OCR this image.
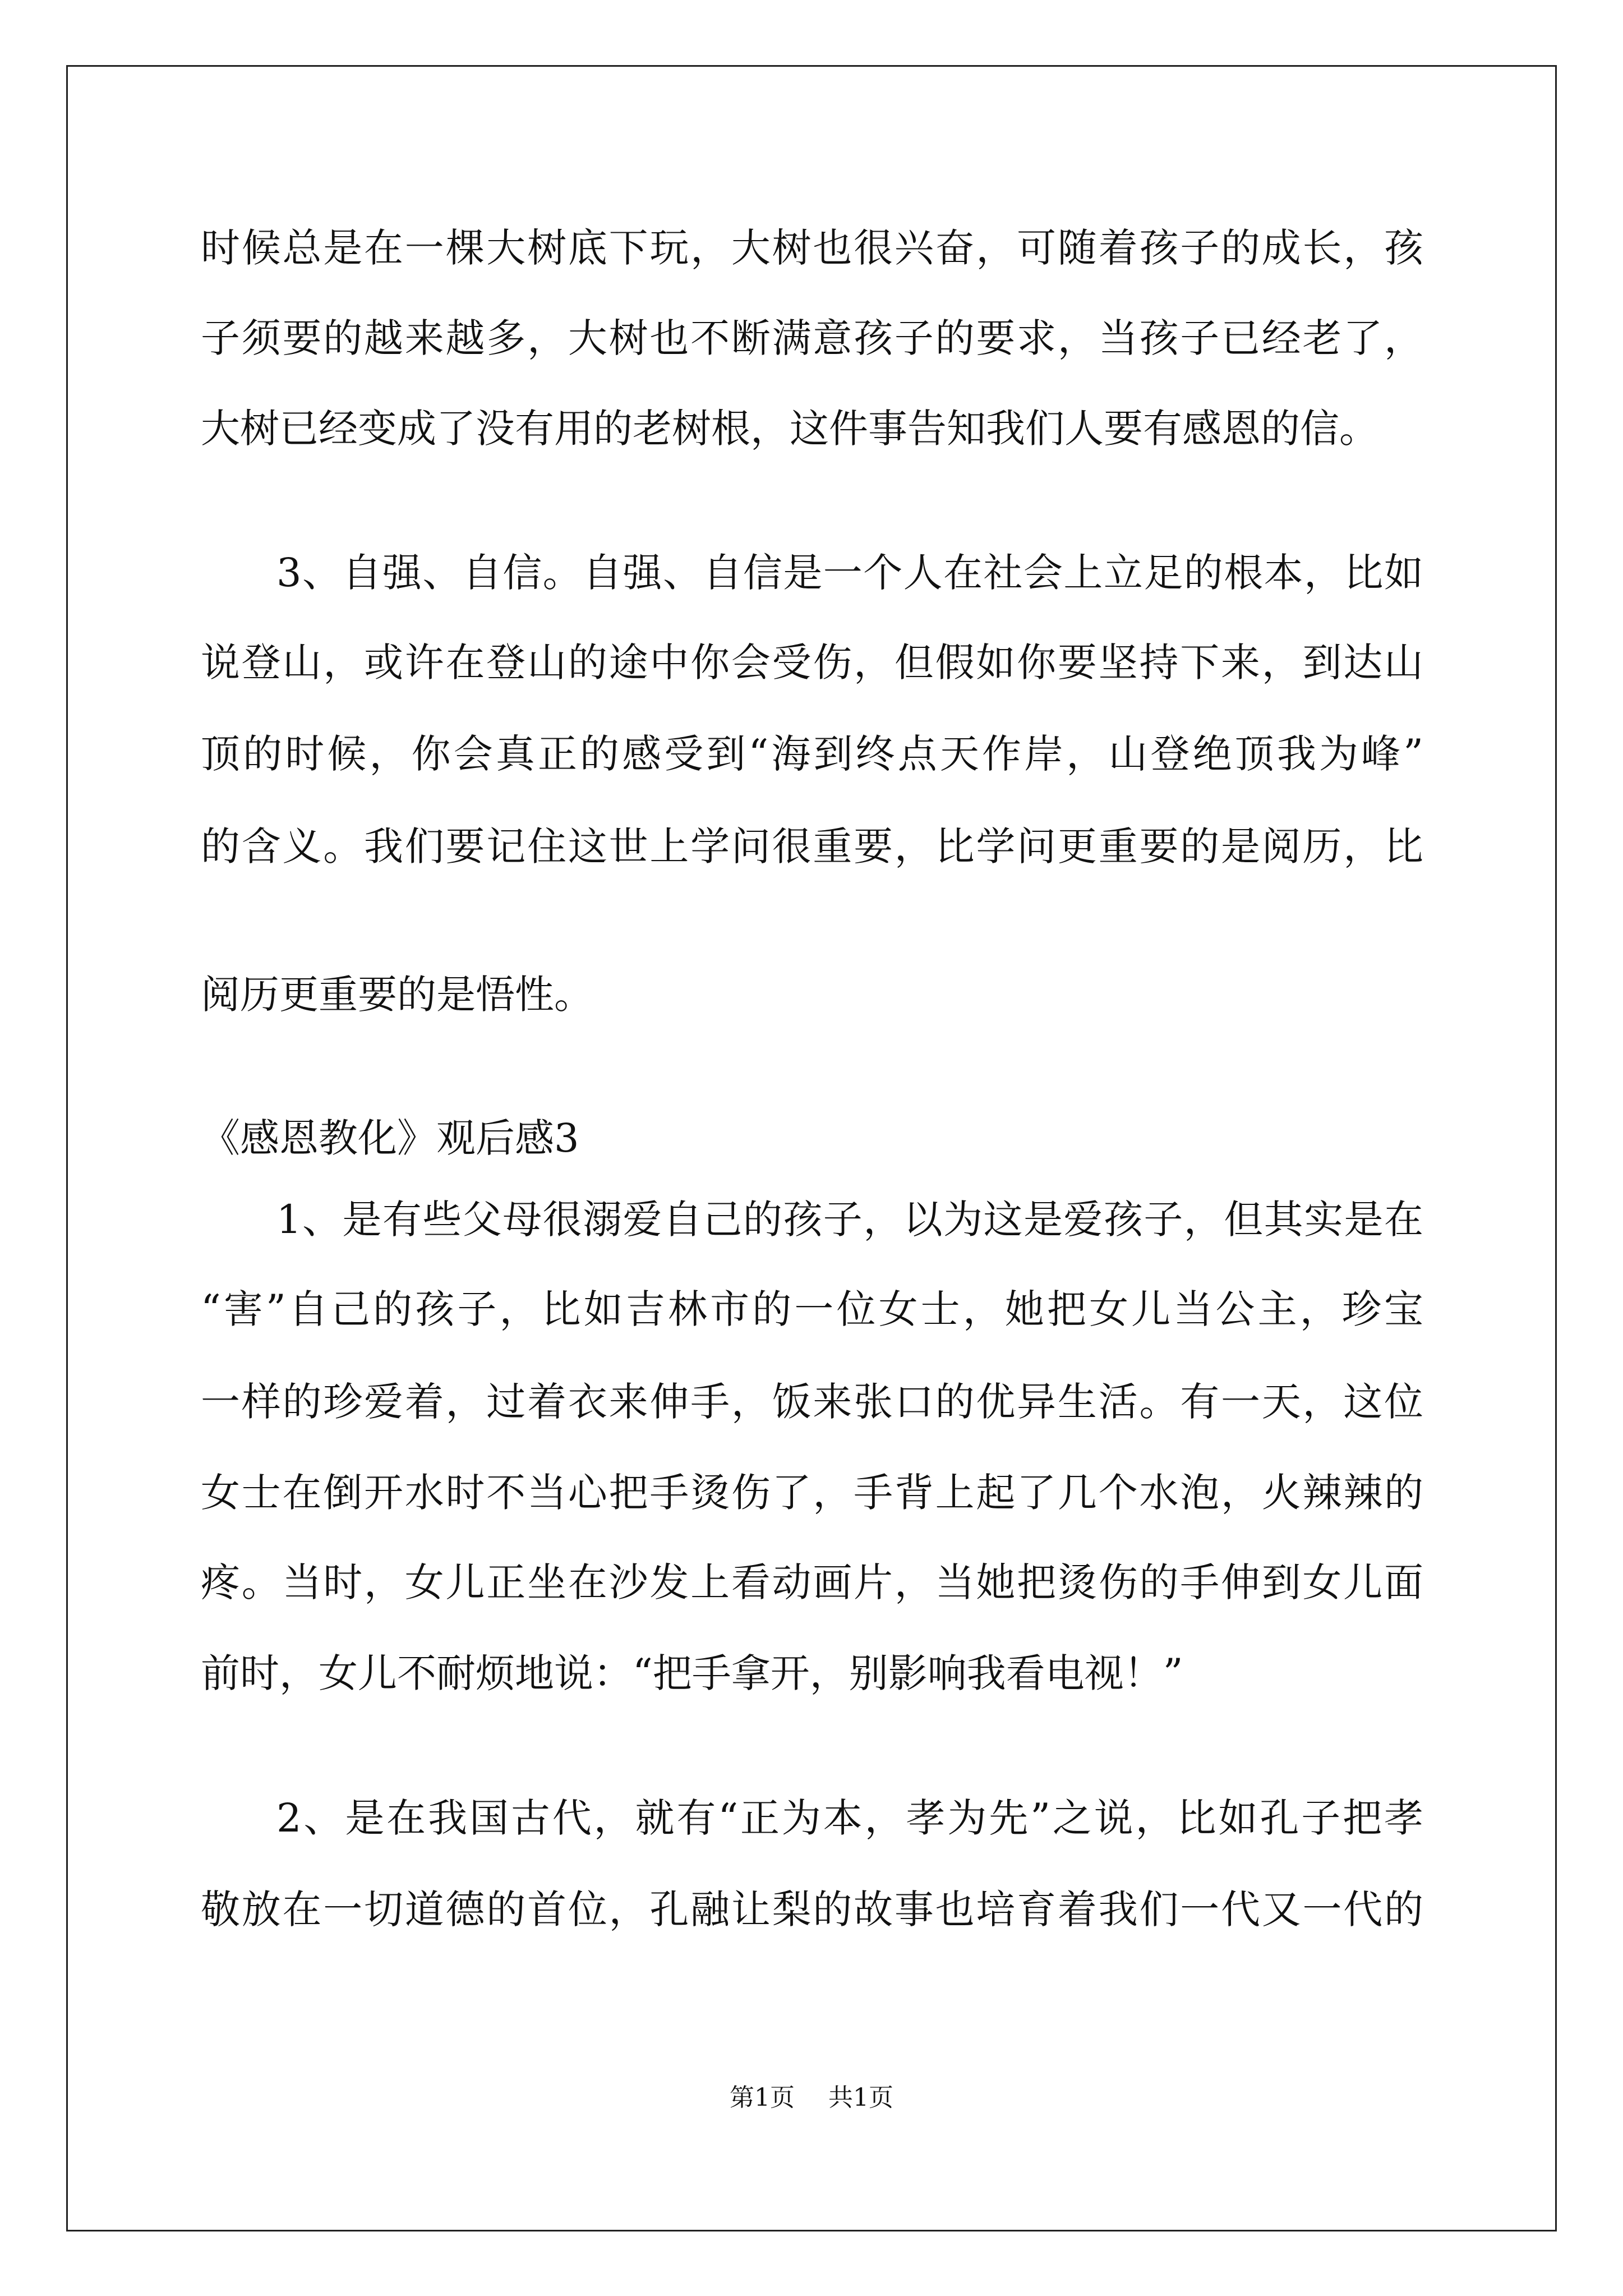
时候总是在一棵大树底下玩，大树也很兴奋，可随着孩子的成长，孩
子须要的越来越多，大树也不断满意孩子的要求，当孩子已经老了，
大树已经变成了没有用的老树根，这件事告知我们人要有感恩的信。
3、自强、自信。自强、自信是一个人在社会上立足的根本，比如
说登山，或许在登山的途中你会受伤，但假如你要坚持下来，到达山
顶的时候，你会真正的感受到“海到终点天作岸，山登绝顶我为峰”
的含义。我们要记住这世上学问很重要，比学问更重要的是阅历，比
阅历更重要的是悟性。
《感恩教化》观后感3
1、是有些父母很溺爱自己的孩子，以为这是爱孩子，但其实是在
“害”自己的孩子，比如吉林市的一位女士，她把女儿当公主，珍宝
一样的珍爱着，过着衣来伸手，饭来张口的优异生活。有一天，这位
女士在倒开水时不当心把手烫伤了，手背上起了几个水泡，火辣辣的
疼。当时，女儿正坐在沙发上看动画片，当她把烫伤的手伸到女儿面
前时，女儿不耐烦地说：“把手拿开，别影响我看电视！”
2、是在我国古代，就有“正为本，孝为先”之说，比如孔子把孝
敬放在一切道德的首位，孔融让梨的故事也培育着我们一代又一代的
第1页 共1页
